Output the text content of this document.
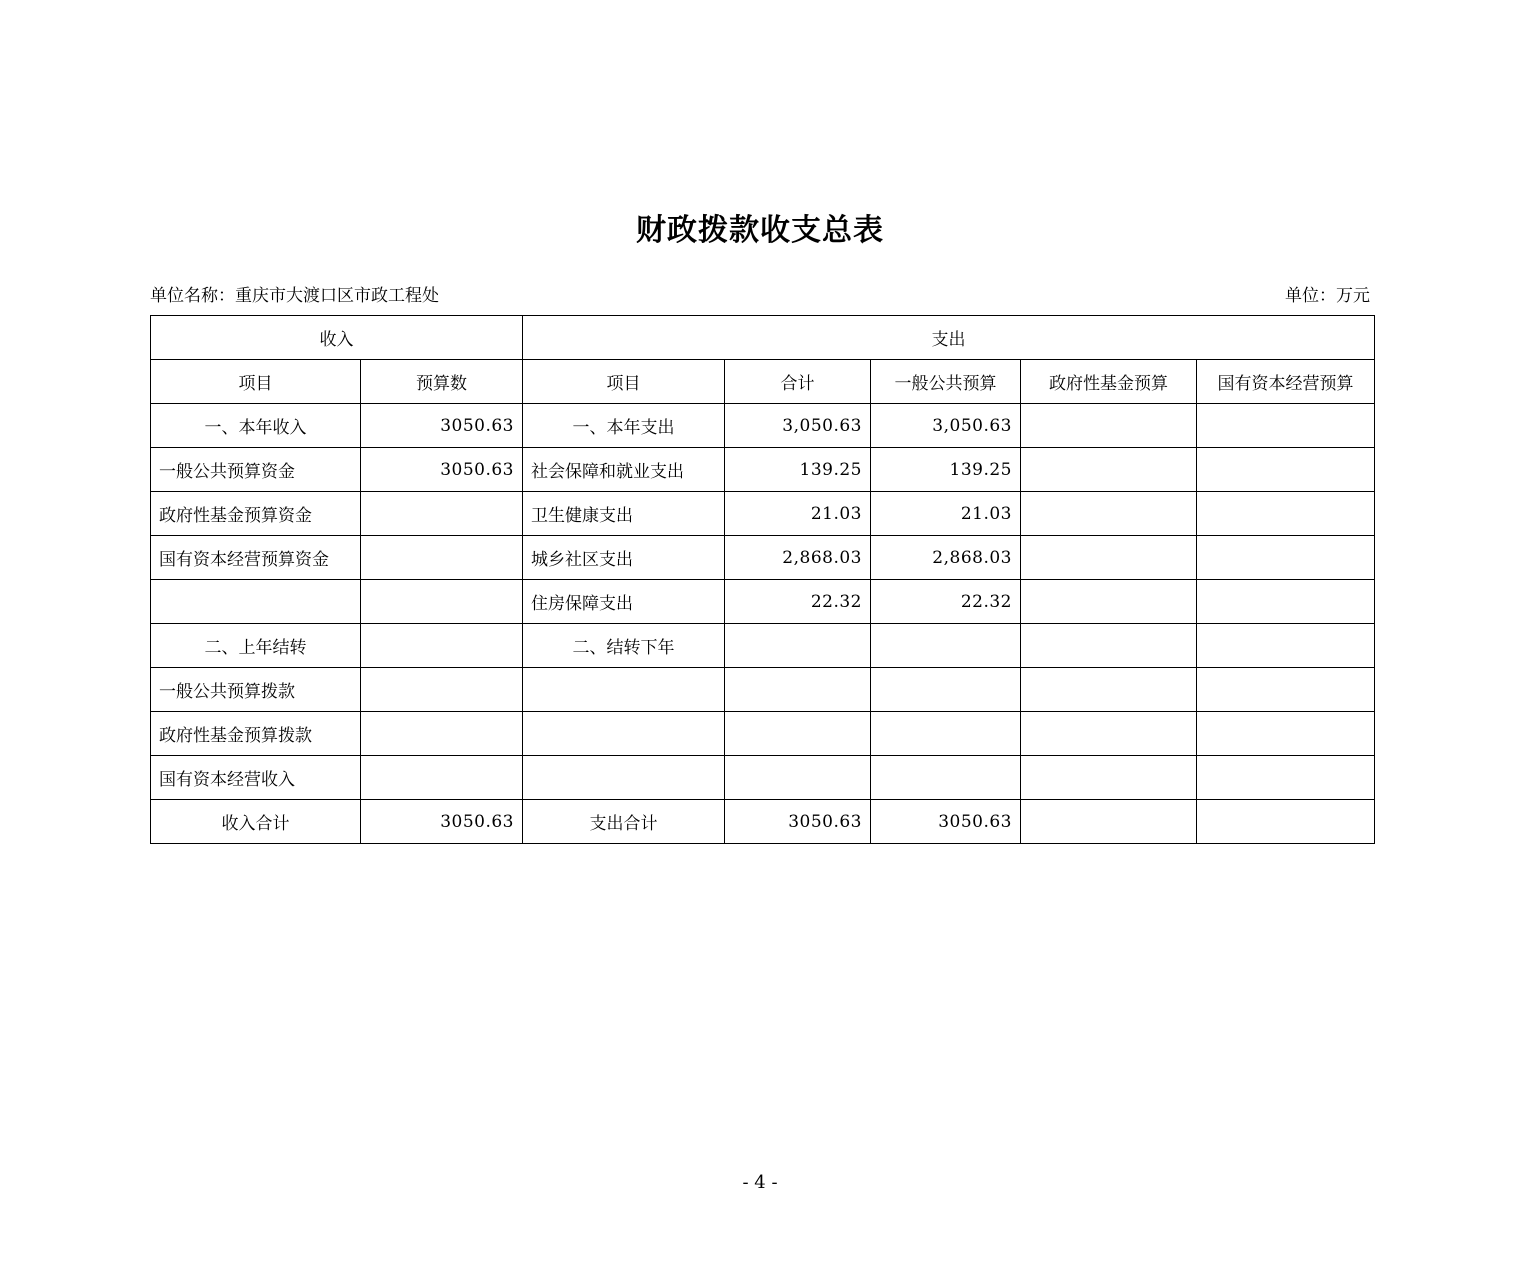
财政拨款收支总表
单位名称：重庆市大渡口区市政工程处	单位：万元
收入		支出				
项目	预算数	项目	合计	一般公共预算	政府性基金预算	国有资本经营预算
一、本年收入	3050.63	一、本年支出	3,050.63	3,050.63		
一般公共预算资金	3050.63	社会保障和就业支出	139.25	139.25		
政府性基金预算资金		卫生健康支出	21.03	21.03		
国有资本经营预算资金		城乡社区支出	2,868.03	2,868.03		
		住房保障支出	22.32	22.32		
二、上年结转		二、结转下年				
一般公共预算拨款						
政府性基金预算拨款						
国有资本经营收入						
收入合计	3050.63	支出合计	3050.63	3050.63		
- 4 -
